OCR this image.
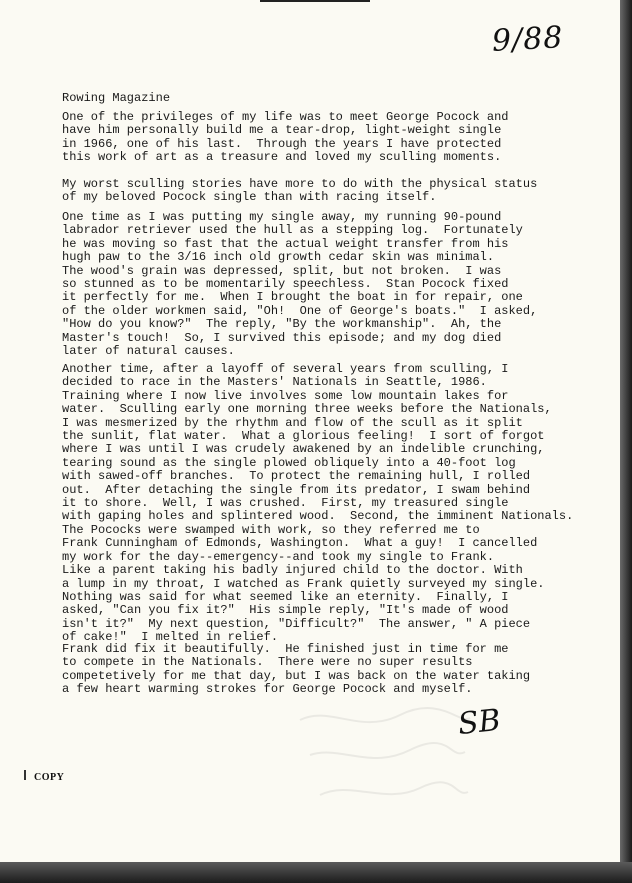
9/88
Rowing Magazine
One of the privileges of my life was to meet George Pocock and
have him personally build me a tear-drop, light-weight single
in 1966, one of his last.  Through the years I have protected
this work of art as a treasure and loved my sculling moments.
My worst sculling stories have more to do with the physical status
of my beloved Pocock single than with racing itself.
One time as I was putting my single away, my running 90-pound
labrador retriever used the hull as a stepping log.  Fortunately
he was moving so fast that the actual weight transfer from his
hugh paw to the 3/16 inch old growth cedar skin was minimal.
The wood's grain was depressed, split, but not broken.  I was
so stunned as to be momentarily speechless.  Stan Pocock fixed
it perfectly for me.  When I brought the boat in for repair, one
of the older workmen said, "Oh!  One of George's boats."  I asked,
"How do you know?"  The reply, "By the workmanship".  Ah, the
Master's touch!  So, I survived this episode; and my dog died
later of natural causes.
Another time, after a layoff of several years from sculling, I
decided to race in the Masters' Nationals in Seattle, 1986.
Training where I now live involves some low mountain lakes for
water.  Sculling early one morning three weeks before the Nationals,
I was mesmerized by the rhythm and flow of the scull as it split
the sunlit, flat water.  What a glorious feeling!  I sort of forgot
where I was until I was crudely awakened by an indelible crunching,
tearing sound as the single plowed obliquely into a 40-foot log
with sawed-off branches.  To protect the remaining hull, I rolled
out.  After detaching the single from its predator, I swam behind
it to shore.  Well, I was crushed.  First, my treasured single
with gaping holes and splintered wood.  Second, the imminent Nationals.
The Pococks were swamped with work, so they referred me to
Frank Cunningham of Edmonds, Washington.  What a guy!  I cancelled
my work for the day--emergency--and took my single to Frank.
Like a parent taking his badly injured child to the doctor. With
a lump in my throat, I watched as Frank quietly surveyed my single.
Nothing was said for what seemed like an eternity.  Finally, I
asked, "Can you fix it?"  His simple reply, "It's made of wood
isn't it?"  My next question, "Difficult?"  The answer, " A piece
of cake!"  I melted in relief.
Frank did fix it beautifully.  He finished just in time for me
to compete in the Nationals.  There were no super results
competetively for me that day, but I was back on the water taking
a few heart warming strokes for George Pocock and myself.
SB
COPY
